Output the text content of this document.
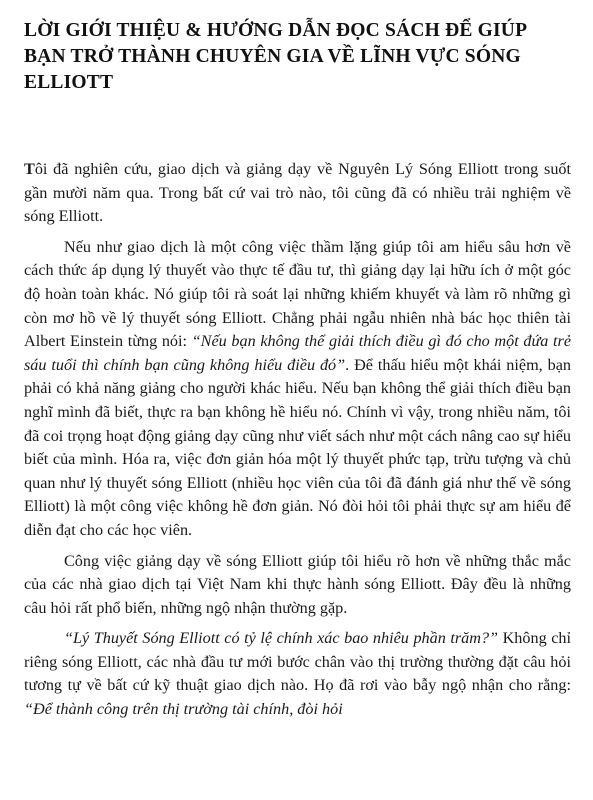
LỜI GIỚI THIỆU & HƯỚNG DẪN ĐỌC SÁCH ĐỂ GIÚP
BẠN TRỞ THÀNH CHUYÊN GIA VỀ LĨNH VỰC SÓNG
ELLIOTT

Tôi đã nghiên cứu, giao dịch và giảng dạy về Nguyên Lý Sóng Elliott trong suốt gần mười năm qua. Trong bất cứ vai trò nào, tôi cũng đã có nhiều trải nghiệm về sóng Elliott.

Nếu như giao dịch là một công việc thầm lặng giúp tôi am hiểu sâu hơn về cách thức áp dụng lý thuyết vào thực tế đầu tư, thì giảng dạy lại hữu ích ở một góc độ hoàn toàn khác. Nó giúp tôi rà soát lại những khiếm khuyết và làm rõ những gì còn mơ hồ về lý thuyết sóng Elliott. Chẳng phải ngẫu nhiên nhà bác học thiên tài Albert Einstein từng nói: “Nếu bạn không thể giải thích điều gì đó cho một đứa trẻ sáu tuổi thì chính bạn cũng không hiểu điều đó”. Để thấu hiểu một khái niệm, bạn phải có khả năng giảng cho người khác hiểu. Nếu bạn không thể giải thích điều bạn nghĩ mình đã biết, thực ra bạn không hề hiểu nó. Chính vì vậy, trong nhiều năm, tôi đã coi trọng hoạt động giảng dạy cũng như viết sách như một cách nâng cao sự hiểu biết của mình. Hóa ra, việc đơn giản hóa một lý thuyết phức tạp, trừu tượng và chủ quan như lý thuyết sóng Elliott (nhiều học viên của tôi đã đánh giá như thế về sóng Elliott) là một công việc không hề đơn giản. Nó đòi hỏi tôi phải thực sự am hiểu để diễn đạt cho các học viên.

Công việc giảng dạy về sóng Elliott giúp tôi hiểu rõ hơn về những thắc mắc của các nhà giao dịch tại Việt Nam khi thực hành sóng Elliott. Đây đều là những câu hỏi rất phổ biến, những ngộ nhận thường gặp.

“Lý Thuyết Sóng Elliott có tỷ lệ chính xác bao nhiêu phần trăm?” Không chỉ riêng sóng Elliott, các nhà đầu tư mới bước chân vào thị trường thường đặt câu hỏi tương tự về bất cứ kỹ thuật giao dịch nào. Họ đã rơi vào bẫy ngộ nhận cho rằng: “Để thành công trên thị trường tài chính, đòi hỏi
